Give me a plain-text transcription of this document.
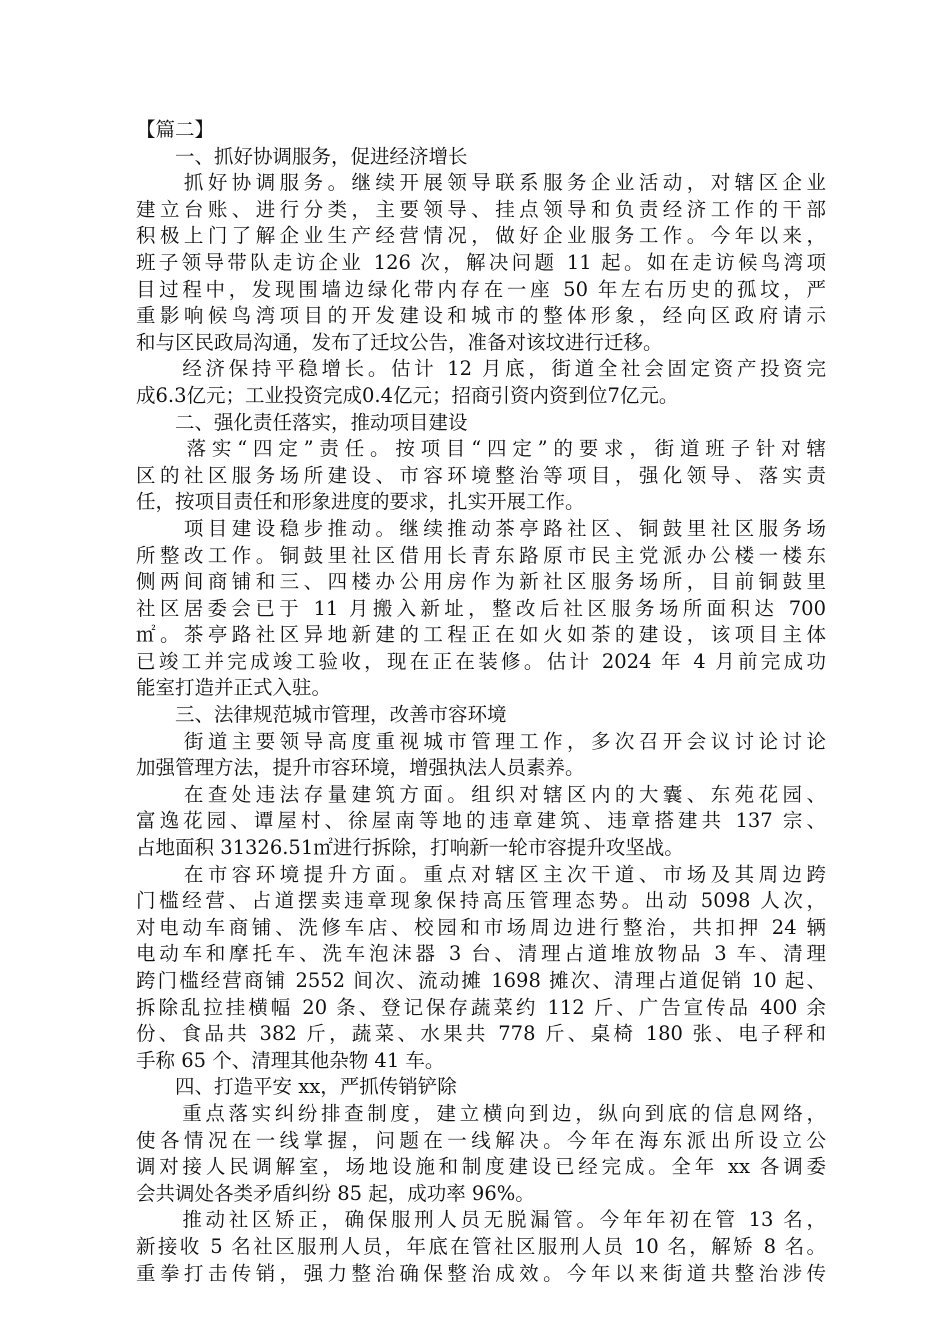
【篇二】
　　一、抓好协调服务，促进经济增长
　　抓好协调服务。继续开展领导联系服务企业活动，对辖区企业
建立台账、进行分类，主要领导、挂点领导和负责经济工作的干部
积极上门了解企业生产经营情况，做好企业服务工作。今年以来，
班子领导带队走访企业 126 次，解决问题 11 起。如在走访候鸟湾项
目过程中，发现围墙边绿化带内存在一座 50 年左右历史的孤坟，严
重影响候鸟湾项目的开发建设和城市的整体形象，经向区政府请示
和与区民政局沟通，发布了迁坟公告，准备对该坟进行迁移。
　　经济保持平稳增长。估计 12 月底，街道全社会固定资产投资完
成6.3亿元；工业投资完成0.4亿元；招商引资内资到位7亿元。
　　二、强化责任落实，推动项目建设
　　落实“四定”责任。按项目“四定”的要求，街道班子针对辖
区的社区服务场所建设、市容环境整治等项目，强化领导、落实责
任，按项目责任和形象进度的要求，扎实开展工作。
　　项目建设稳步推动。继续推动茶亭路社区、铜鼓里社区服务场
所整改工作。铜鼓里社区借用长青东路原市民主党派办公楼一楼东
侧两间商铺和三、四楼办公用房作为新社区服务场所，目前铜鼓里
社区居委会已于 11 月搬入新址，整改后社区服务场所面积达 700
㎡。茶亭路社区异地新建的工程正在如火如荼的建设，该项目主体
已竣工并完成竣工验收，现在正在装修。估计 2024 年 4 月前完成功
能室打造并正式入驻。
　　三、法律规范城市管理，改善市容环境
　　街道主要领导高度重视城市管理工作，多次召开会议讨论讨论
加强管理方法，提升市容环境，增强执法人员素养。
　　在查处违法存量建筑方面。组织对辖区内的大囊、东苑花园、
富逸花园、谭屋村、徐屋南等地的违章建筑、违章搭建共 137 宗、
占地面积 31326.51㎡进行拆除，打响新一轮市容提升攻坚战。
　　在市容环境提升方面。重点对辖区主次干道、市场及其周边跨
门槛经营、占道摆卖违章现象保持高压管理态势。出动 5098 人次，
对电动车商铺、洗修车店、校园和市场周边进行整治，共扣押 24 辆
电动车和摩托车、洗车泡沫器 3 台、清理占道堆放物品 3 车、清理
跨门槛经营商铺 2552 间次、流动摊 1698 摊次、清理占道促销 10 起、
拆除乱拉挂横幅 20 条、登记保存蔬菜约 112 斤、广告宣传品 400 余
份、食品共 382 斤，蔬菜、水果共 778 斤、桌椅 180 张、电子秤和
手称 65 个、清理其他杂物 41 车。
　　四、打造平安 xx，严抓传销铲除
　　重点落实纠纷排查制度，建立横向到边，纵向到底的信息网络，
使各情况在一线掌握，问题在一线解决。今年在海东派出所设立公
调对接人民调解室，场地设施和制度建设已经完成。全年 xx 各调委
会共调处各类矛盾纠纷 85 起，成功率 96%。
　　推动社区矫正，确保服刑人员无脱漏管。今年年初在管 13 名，
新接收 5 名社区服刑人员，年底在管社区服刑人员 10 名，解矫 8 名。
重拳打击传销，强力整治确保整治成效。今年以来街道共整治涉传
